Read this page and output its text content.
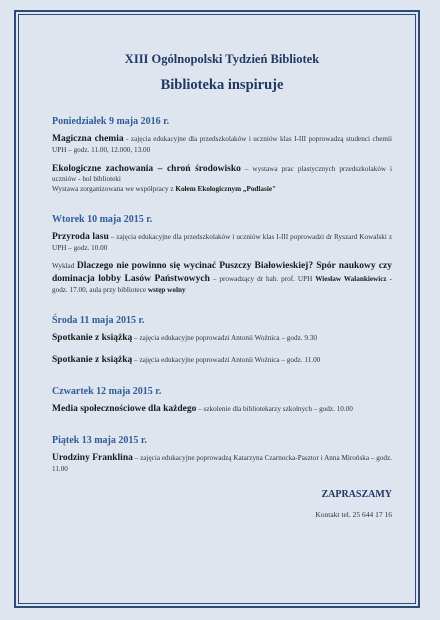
XIII Ogólnopolski Tydzień Bibliotek

Biblioteka inspiruje

Poniedziałek 9 maja 2016 r.

Magiczna chemia - zajęcia edukacyjne dla przedszkolaków i uczniów klas I-III poprowadzą studenci chemii UPH – godz. 11.00, 12.000, 13.00

Ekologiczne zachowania – chroń środowisko – wystawa prac plastycznych przedszkolaków i uczniów - hol biblioteki
Wystawa zorganizowana we współpracy z Kołem Ekologicznym „Podlasie"

Wtorek 10 maja 2015 r.

Przyroda lasu – zajęcia edukacyjne dla przedszkolaków i uczniów klas I-III poprowadzi dr Ryszard Kowalski z UPH – godz. 10.00

Wykład Dlaczego nie powinno się wycinać Puszczy Białowieskiej? Spór naukowy czy dominacja lobby Lasów Państwowych – prowadzący dr hab. prof. UPH Wiesław Walankiewicz - godz. 17.00, aula przy bibliotece wstęp wolny

Środa 11 maja 2015 r.

Spotkanie z książką – zajęcia edukacyjne poprowadzi Antonii Woźnica – godz. 9.30

Spotkanie z książką – zajęcia edukacyjne poprowadzi Antonii Woźnica – godz. 11.00

Czwartek 12 maja 2015 r.

Media społecznościowe dla każdego – szkolenie dla bibliotekarzy szkolnych – godz. 10.00

Piątek 13 maja 2015 r.

Urodziny Franklina – zajęcia edukacyjne poprowadzą Katarzyna Czarnocka-Pasztor i Anna Mirońska – godz. 11.00

ZAPRASZAMY

Kontakt tel. 25 644 17 16
